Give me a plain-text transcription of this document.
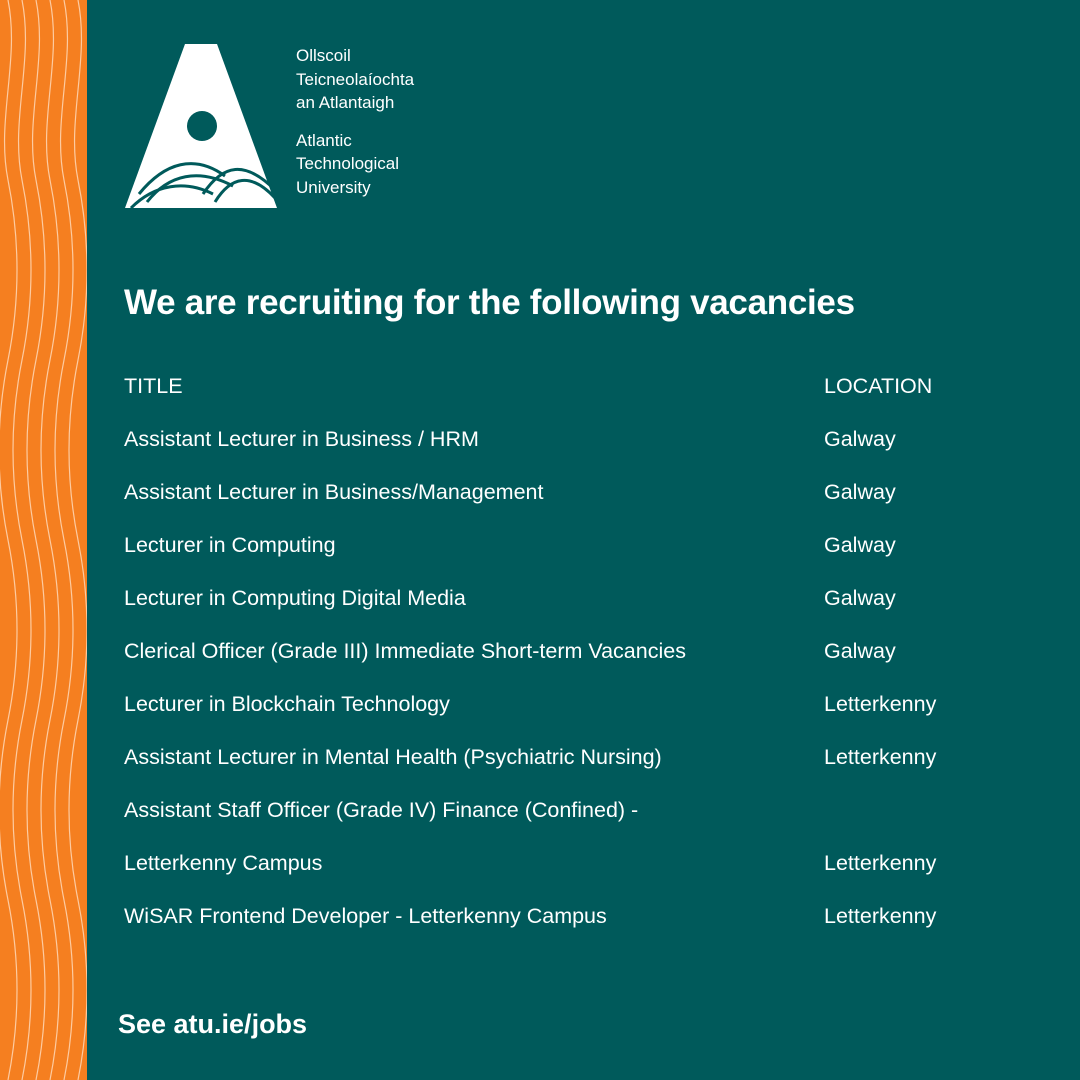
Ollscoil
Teicneolaíochta
an Atlantaigh
Atlantic
Technological
University
We are recruiting for the following vacancies
TITLE	LOCATION
Assistant Lecturer in Business / HRM	Galway
Assistant Lecturer in Business/Management	Galway
Lecturer in Computing	Galway
Lecturer in Computing Digital Media	Galway
Clerical Officer (Grade III) Immediate Short-term Vacancies	Galway
Lecturer in Blockchain Technology	Letterkenny
Assistant Lecturer in Mental Health (Psychiatric Nursing)	Letterkenny
Assistant Staff Officer (Grade IV) Finance (Confined) -
Letterkenny Campus	Letterkenny
WiSAR Frontend Developer - Letterkenny Campus	Letterkenny
See atu.ie/jobs
